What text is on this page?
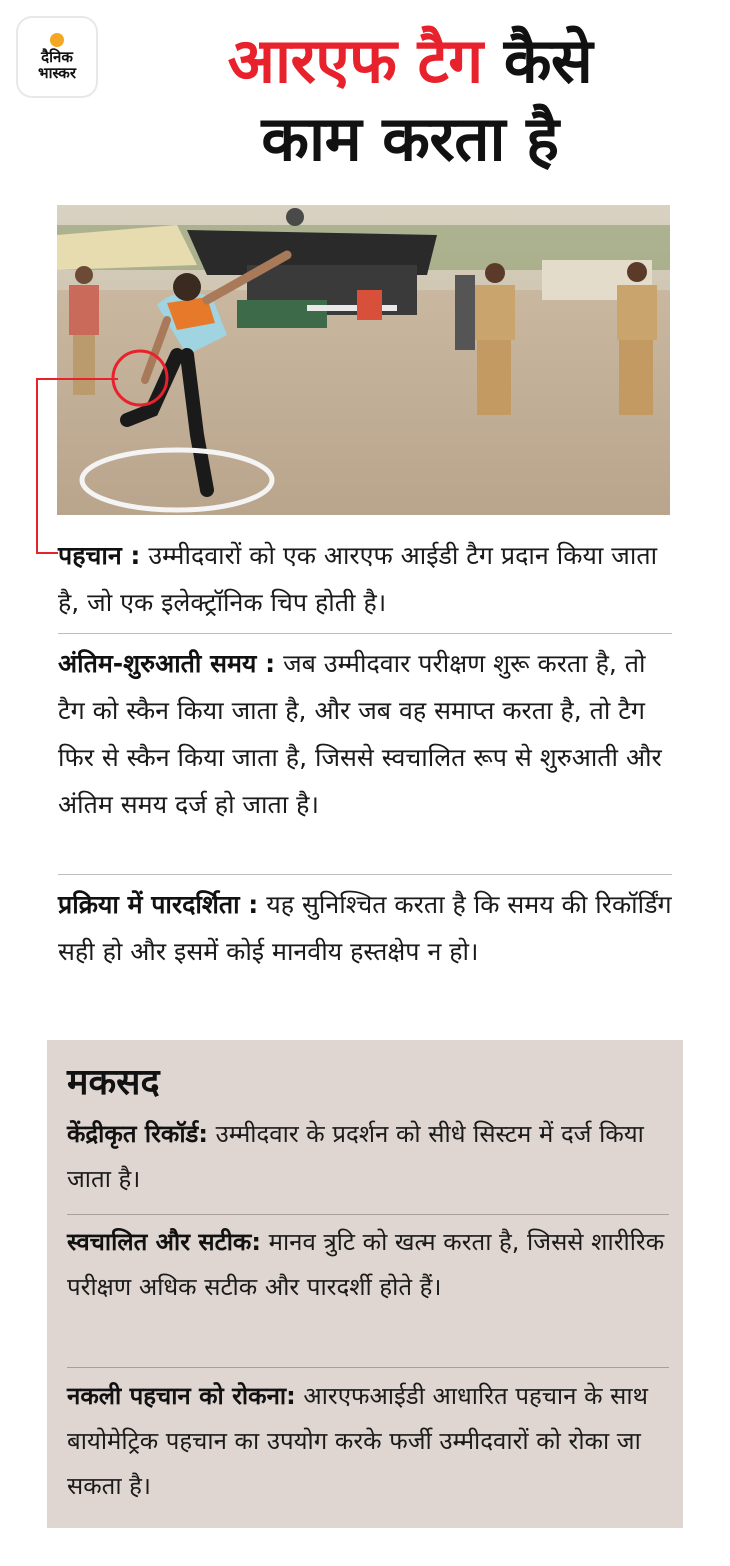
दैनिक
भास्कर	आरएफ टैग कैसे
काम करता है
पहचान : उम्मीदवारों को एक आरएफ आईडी टैग प्रदान किया जाता है, जो एक इलेक्ट्रॉनिक चिप होती है।
अंतिम-शुरुआती समय : जब उम्मीदवार परीक्षण शुरू करता है, तो टैग को स्कैन किया जाता है, और जब वह समाप्त करता है, तो टैग फिर से स्कैन किया जाता है, जिससे स्वचालित रूप से शुरुआती और अंतिम समय दर्ज हो जाता है।
प्रक्रिया में पारदर्शिता : यह सुनिश्चित करता है कि समय की रिकॉर्डिंग सही हो और इसमें कोई मानवीय हस्तक्षेप न हो।
मकसद
केंद्रीकृत रिकॉर्ड: उम्मीदवार के प्रदर्शन को सीधे सिस्टम में दर्ज किया जाता है।
स्वचालित और सटीक: मानव त्रुटि को खत्म करता है, जिससे शारीरिक परीक्षण अधिक सटीक और पारदर्शी होते हैं।
नकली पहचान को रोकना: आरएफआईडी आधारित पहचान के साथ बायोमेट्रिक पहचान का उपयोग करके फर्जी उम्मीदवारों को रोका जा सकता है।
